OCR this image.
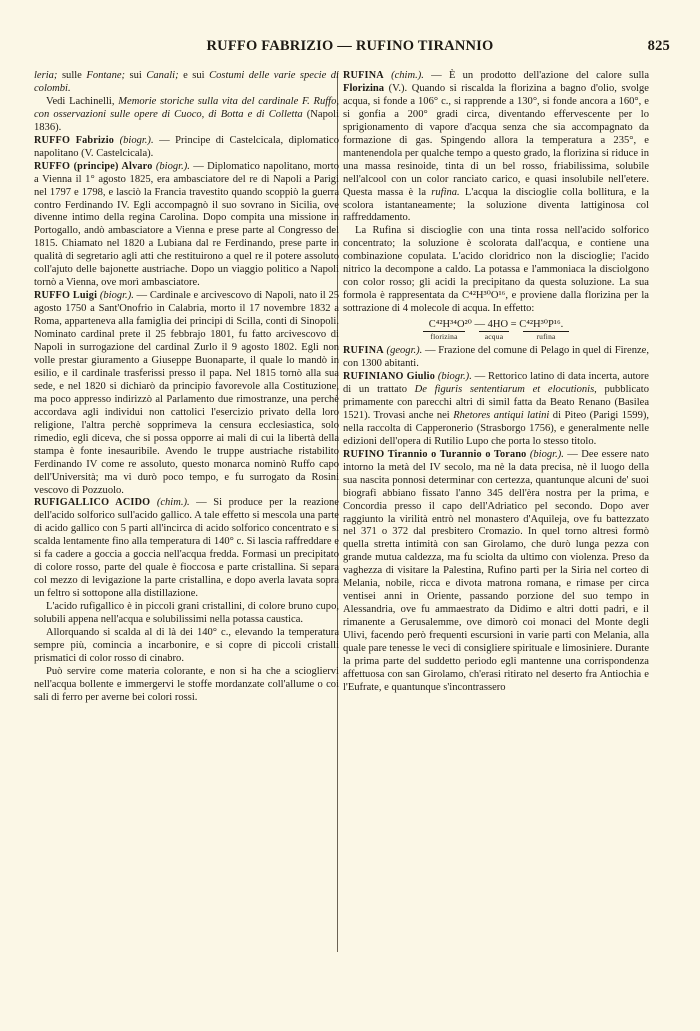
RUFFO FABRIZIO — RUFINO TIRANNIO	825

leria; sulle Fontane; sui Canali; e sui Costumi delle varie specie di colombi.

Vedi Lachinelli, Memorie storiche sulla vita del cardinale F. Ruffo, con osservazioni sulle opere di Cuoco, di Botta e di Colletta (Napoli 1836).

RUFFO Fabrizio (biogr.). — Principe di Castelcicala, diplomatico napolitano (V. Castelcicala).

RUFFO (principe) Alvaro (biogr.). — Diplomatico napolitano, morto a Vienna il 1° agosto 1825, era ambasciatore del re di Napoli a Parigi nel 1797 e 1798, e lasciò la Francia travestito quando scoppiò la guerra contro Ferdinando IV. Egli accompagnò il suo sovrano in Sicilia, ove divenne intimo della regina Carolina. Dopo compita una missione in Portogallo, andò ambasciatore a Vienna e prese parte al Congresso del 1815. Chiamato nel 1820 a Lubiana dal re Ferdinando, prese parte in qualità di segretario agli atti che restituirono a quel re il potere assoluto coll'ajuto delle bajonette austriache. Dopo un viaggio politico a Napoli tornò a Vienna, ove morì ambasciatore.

RUFFO Luigi (biogr.). — Cardinale e arcivescovo di Napoli, nato il 25 agosto 1750 a Sant'Onofrio in Calabria, morto il 17 novembre 1832 a Roma, apparteneva alla famiglia dei principi di Scilla, conti di Sinopoli. Nominato cardinal prete il 25 febbrajo 1801, fu fatto arcivescovo di Napoli in surrogazione del cardinal Zurlo il 9 agosto 1802. Egli non volle prestar giuramento a Giuseppe Buonaparte, il quale lo mandò in esilio, e il cardinale trasferissi presso il papa. Nel 1815 tornò alla sua sede, e nel 1820 si dichiarò da principio favorevole alla Costituzione, ma poco appresso indirizzò al Parlamento due rimostranze, una perchè accordava agli individui non cattolici l'esercizio privato della loro religione, l'altra perchè sopprimeva la censura ecclesiastica, solo rimedio, egli diceva, che si possa opporre ai mali di cui la libertà della stampa è fonte inesauribile. Avendo le truppe austriache ristabilito Ferdinando IV come re assoluto, questo monarca nominò Ruffo capo dell'Università; ma vi durò poco tempo, e fu surrogato da Rosini vescovo di Pozzuolo.

RUFIGALLICO ACIDO (chim.). — Si produce per la reazione dell'acido solforico sull'acido gallico. A tale effetto si mescola una parte di acido gallico con 5 parti all'incirca di acido solforico concentrato e si scalda lentamente fino alla temperatura di 140° c. Si lascia raffreddare e si fa cadere a goccia a goccia nell'acqua fredda. Formasi un precipitato di colore rosso, parte del quale è fioccosa e parte cristallina. Si separa col mezzo di levigazione la parte cristallina, e dopo averla lavata sopra un feltro si sottopone alla distillazione.

L'acido rufigallico è in piccoli grani cristallini, di colore bruno cupo, solubili appena nell'acqua e solubilissimi nella potassa caustica.

Allorquando si scalda al di là dei 140° c., elevando la temperatura sempre più, comincia a incarbonire, e si copre di piccoli cristalli prismatici di color rosso di cinabro.

Può servire come materia colorante, e non si ha che a sciogliervi nell'acqua bollente e immergervi le stoffe mordanzate coll'allume o coi sali di ferro per averne bei colori rossi.

RUFINA (chim.). — È un prodotto dell'azione del calore sulla Florizina (V.). Quando si riscalda la florizina a bagno d'olio, svolge acqua, si fonde a 106° c., si rapprende a 130°, si fonde ancora a 160°, e si gonfia a 200° gradi circa, diventando effervescente per lo sprigionamento di vapore d'acqua senza che sia accompagnato da formazione di gas. Spingendo allora la temperatura a 235°, e mantenendola per qualche tempo a questo grado, la florizina si riduce in una massa resinoide, tinta di un bel rosso, friabilissima, solubile nell'alcool con un color ranciato carico, e quasi insolubile nell'etere. Questa massa è la rufina. L'acqua la discioglie colla bollitura, e la scolora istantaneamente; la soluzione diventa lattiginosa col raffreddamento.

La Rufina si discioglie con una tinta rossa nell'acido solforico concentrato; la soluzione è scolorata dall'acqua, e contiene una combinazione copulata. L'acido cloridrico non la discioglie; l'acido nitrico la decompone a caldo. La potassa e l'ammoniaca la disciolgono con color rosso; gli acidi la precipitano da questa soluzione. La sua formola è rappresentata da C⁴²H³⁰O¹⁶, e proviene dalla florizina per la sottrazione di 4 molecole di acqua. In effetto:

C⁴²H³⁴O²⁰ — 4HO = C⁴²H³⁰P¹⁶.
florizina	acqua	rufina

RUFINA (geogr.). — Frazione del comune di Pelago in quel di Firenze, con 1300 abitanti.

RUFINIANO Giulio (biogr.). — Rettorico latino di data incerta, autore di un trattato De figuris sententiarum et elocutionis, pubblicato primamente con parecchi altri di simil fatta da Beato Renano (Basilea 1521). Trovasi anche nei Rhetores antiqui latini di Piteo (Parigi 1599), nella raccolta di Capperonerio (Strasborgo 1756), e generalmente nelle edizioni dell'opera di Rutilio Lupo che porta lo stesso titolo.

RUFINO Tirannio o Turannio o Torano (biogr.). — Dee essere nato intorno la metà del IV secolo, ma nè la data precisa, nè il luogo della sua nascita ponnosi determinar con certezza, quantunque alcuni de' suoi biografi abbiano fissato l'anno 345 dell'èra nostra per la prima, e Concordia presso il capo dell'Adriatico pel secondo. Dopo aver raggiunto la virilità entrò nel monastero d'Aquileja, ove fu battezzato nel 371 o 372 dal presbitero Cromazio. In quel torno altresì formò quella stretta intimità con san Girolamo, che durò lunga pezza con grande mutua caldezza, ma fu sciolta da ultimo con violenza. Preso da vaghezza di visitare la Palestina, Rufino partì per la Siria nel corteo di Melania, nobile, ricca e divota matrona romana, e rimase per circa ventisei anni in Oriente, passando porzione del suo tempo in Alessandria, ove fu ammaestrato da Didimo e altri dotti padri, e il rimanente a Gerusalemme, ove dimorò coi monaci del Monte degli Ulivi, facendo però frequenti escursioni in varie parti con Melania, alla quale pare tenesse le veci di consigliere spirituale e limosiniere. Durante la prima parte del suddetto periodo egli mantenne una corrispondenza affettuosa con san Girolamo, ch'erasi ritirato nel deserto fra Antiochia e l'Eufrate, e quantunque s'incontrassero
